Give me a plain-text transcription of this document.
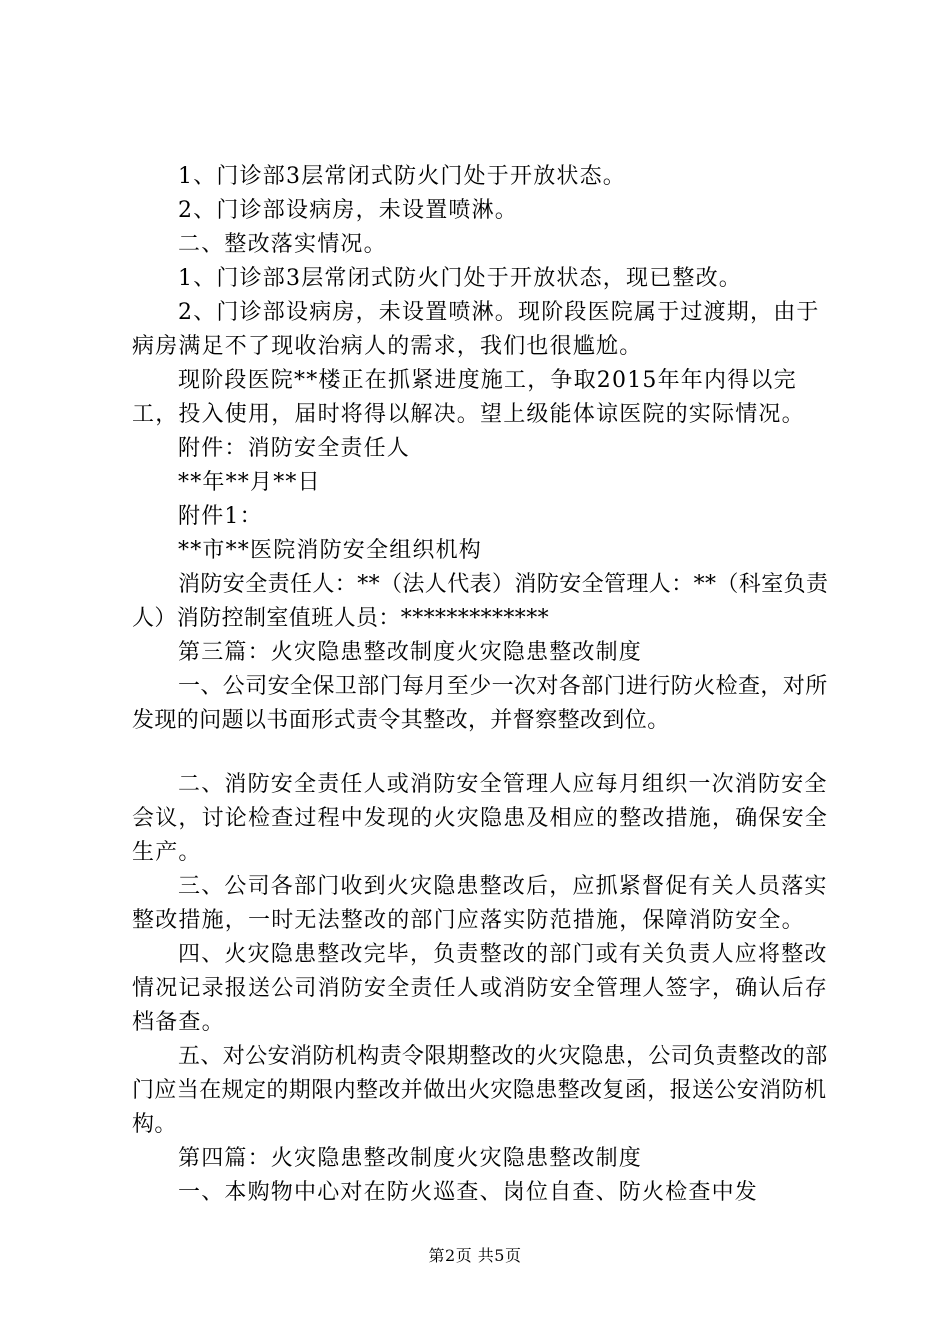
1、门诊部3层常闭式防火门处于开放状态。

2、门诊部设病房，未设置喷淋。

二、整改落实情况。

1、门诊部3层常闭式防火门处于开放状态，现已整改。

2、门诊部设病房，未设置喷淋。现阶段医院属于过渡期，由于病房满足不了现收治病人的需求，我们也很尴尬。

现阶段医院**楼正在抓紧进度施工，争取2015年年内得以完工，投入使用，届时将得以解决。望上级能体谅医院的实际情况。

附件：消防安全责任人

**年**月**日

附件1：

**市**医院消防安全组织机构

消防安全责任人：**（法人代表）消防安全管理人：**（科室负责人）消防控制室值班人员：*************

第三篇：火灾隐患整改制度火灾隐患整改制度

一、公司安全保卫部门每月至少一次对各部门进行防火检查，对所发现的问题以书面形式责令其整改，并督察整改到位。

二、消防安全责任人或消防安全管理人应每月组织一次消防安全会议，讨论检查过程中发现的火灾隐患及相应的整改措施，确保安全生产。

三、公司各部门收到火灾隐患整改后，应抓紧督促有关人员落实整改措施，一时无法整改的部门应落实防范措施，保障消防安全。

四、火灾隐患整改完毕，负责整改的部门或有关负责人应将整改情况记录报送公司消防安全责任人或消防安全管理人签字，确认后存档备查。

五、对公安消防机构责令限期整改的火灾隐患，公司负责整改的部门应当在规定的期限内整改并做出火灾隐患整改复函，报送公安消防机构。

第四篇：火灾隐患整改制度火灾隐患整改制度

一、本购物中心对在防火巡查、岗位自查、防火检查中发

第2页 共5页
